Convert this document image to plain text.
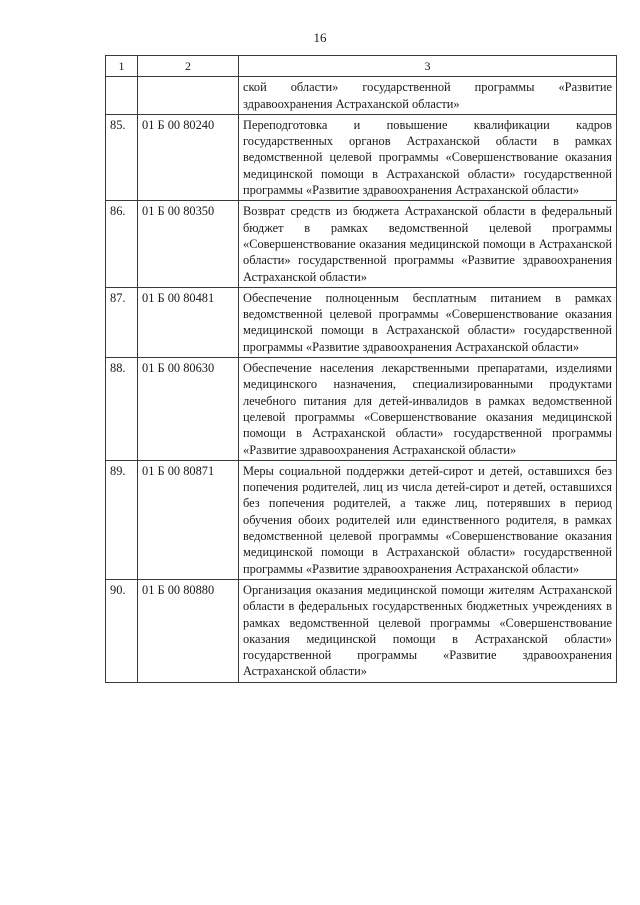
16
1	2	3
		ской области» государственной программы «Развитие здравоохранения Астраханской области»
85.	01 Б 00 80240	Переподготовка и повышение квалификации кадров государственных органов Астраханской области в рамках ведомственной целевой программы «Совершенствование оказания медицинской помощи в Астраханской области» государственной программы «Развитие здравоохранения Астраханской области»
86.	01 Б 00 80350	Возврат средств из бюджета Астраханской области в федеральный бюджет в рамках ведомственной целевой программы «Совершенствование оказания медицинской помощи в Астраханской области» государственной программы «Развитие здравоохранения Астраханской области»
87.	01 Б 00 80481	Обеспечение полноценным бесплатным питанием в рамках ведомственной целевой программы «Совершенствование оказания медицинской помощи в Астраханской области» государственной программы «Развитие здравоохранения Астраханской области»
88.	01 Б 00 80630	Обеспечение населения лекарственными препаратами, изделиями медицинского назначения, специализированными продуктами лечебного питания для детей-инвалидов в рамках ведомственной целевой программы «Совершенствование оказания медицинской помощи в Астраханской области» государственной программы «Развитие здравоохранения Астраханской области»
89.	01 Б 00 80871	Меры социальной поддержки детей-сирот и детей, оставшихся без попечения родителей, лиц из числа детей-сирот и детей, оставшихся без попечения родителей, а также лиц, потерявших в период обучения обоих родителей или единственного родителя, в рамках ведомственной целевой программы «Совершенствование оказания медицинской помощи в Астраханской области» государственной программы «Развитие здравоохранения Астраханской области»
90.	01 Б 00 80880	Организация оказания медицинской помощи жителям Астраханской области в федеральных государственных бюджетных учреждениях в рамках ведомственной целевой программы «Совершенствование оказания медицинской помощи в Астраханской области» государственной программы «Развитие здравоохранения Астраханской области»
